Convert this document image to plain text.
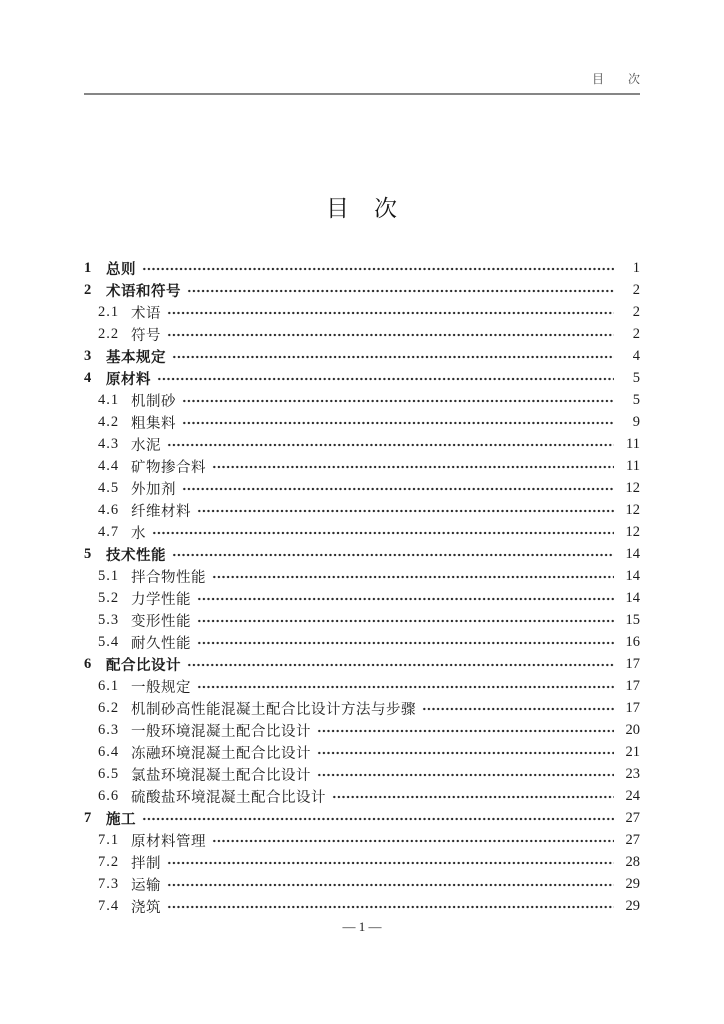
目　　次
目　次
1	总则	1
2	术语和符号	2
2.1 术语	2
2.2 符号	2
3	基本规定	4
4	原材料	5
4.1 机制砂	5
4.2 粗集料	9
4.3 水泥	11
4.4 矿物掺合料	11
4.5 外加剂	12
4.6 纤维材料	12
4.7 水	12
5	技术性能	14
5.1 拌合物性能	14
5.2 力学性能	14
5.3 变形性能	15
5.4 耐久性能	16
6	配合比设计	17
6.1 一般规定	17
6.2 机制砂高性能混凝土配合比设计方法与步骤	17
6.3 一般环境混凝土配合比设计	20
6.4 冻融环境混凝土配合比设计	21
6.5 氯盐环境混凝土配合比设计	23
6.6 硫酸盐环境混凝土配合比设计	24
7	施工	27
7.1 原材料管理	27
7.2 拌制	28
7.3 运输	29
7.4 浇筑	29
— 1 —
